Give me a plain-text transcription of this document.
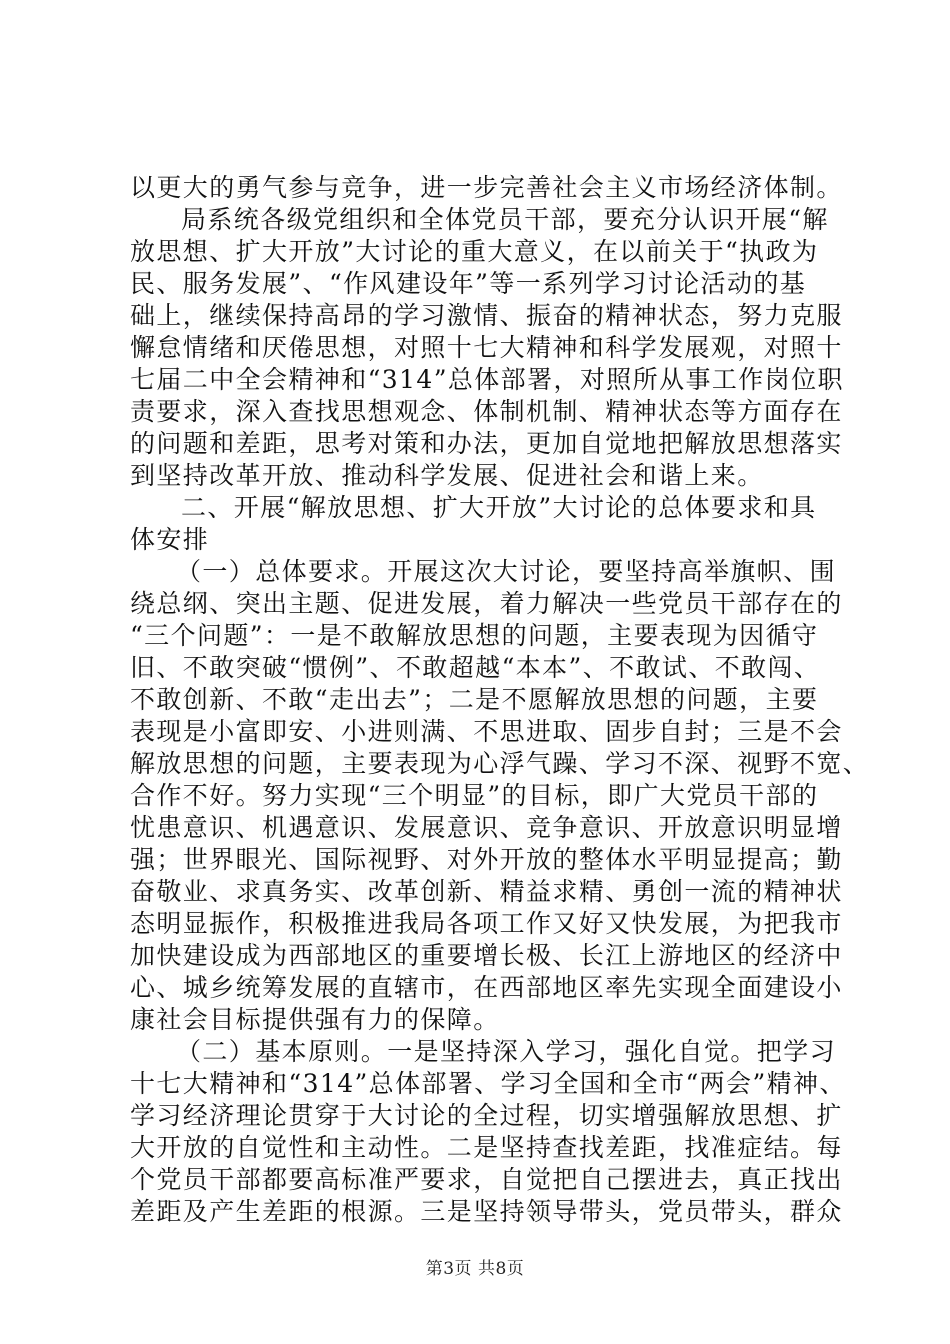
以更大的勇气参与竞争，进一步完善社会主义市场经济体制。
局系统各级党组织和全体党员干部，要充分认识开展“解
放思想、扩大开放”大讨论的重大意义，在以前关于“执政为
民、服务发展”、“作风建设年”等一系列学习讨论活动的基
础上，继续保持高昂的学习激情、振奋的精神状态，努力克服
懈怠情绪和厌倦思想，对照十七大精神和科学发展观，对照十
七届二中全会精神和“314”总体部署，对照所从事工作岗位职
责要求，深入查找思想观念、体制机制、精神状态等方面存在
的问题和差距，思考对策和办法，更加自觉地把解放思想落实
到坚持改革开放、推动科学发展、促进社会和谐上来。
二、开展“解放思想、扩大开放”大讨论的总体要求和具
体安排
（一）总体要求。开展这次大讨论，要坚持高举旗帜、围
绕总纲、突出主题、促进发展，着力解决一些党员干部存在的
“三个问题”：一是不敢解放思想的问题，主要表现为因循守
旧、不敢突破“惯例”、不敢超越“本本”、不敢试、不敢闯、
不敢创新、不敢“走出去”；二是不愿解放思想的问题，主要
表现是小富即安、小进则满、不思进取、固步自封；三是不会
解放思想的问题，主要表现为心浮气躁、学习不深、视野不宽、
合作不好。努力实现“三个明显”的目标，即广大党员干部的
忧患意识、机遇意识、发展意识、竞争意识、开放意识明显增
强；世界眼光、国际视野、对外开放的整体水平明显提高；勤
奋敬业、求真务实、改革创新、精益求精、勇创一流的精神状
态明显振作，积极推进我局各项工作又好又快发展，为把我市
加快建设成为西部地区的重要增长极、长江上游地区的经济中
心、城乡统筹发展的直辖市，在西部地区率先实现全面建设小
康社会目标提供强有力的保障。
（二）基本原则。一是坚持深入学习，强化自觉。把学习
十七大精神和“314”总体部署、学习全国和全市“两会”精神、
学习经济理论贯穿于大讨论的全过程，切实增强解放思想、扩
大开放的自觉性和主动性。二是坚持查找差距，找准症结。每
个党员干部都要高标准严要求，自觉把自己摆进去，真正找出
差距及产生差距的根源。三是坚持领导带头，党员带头，群众
第3页 共8页
